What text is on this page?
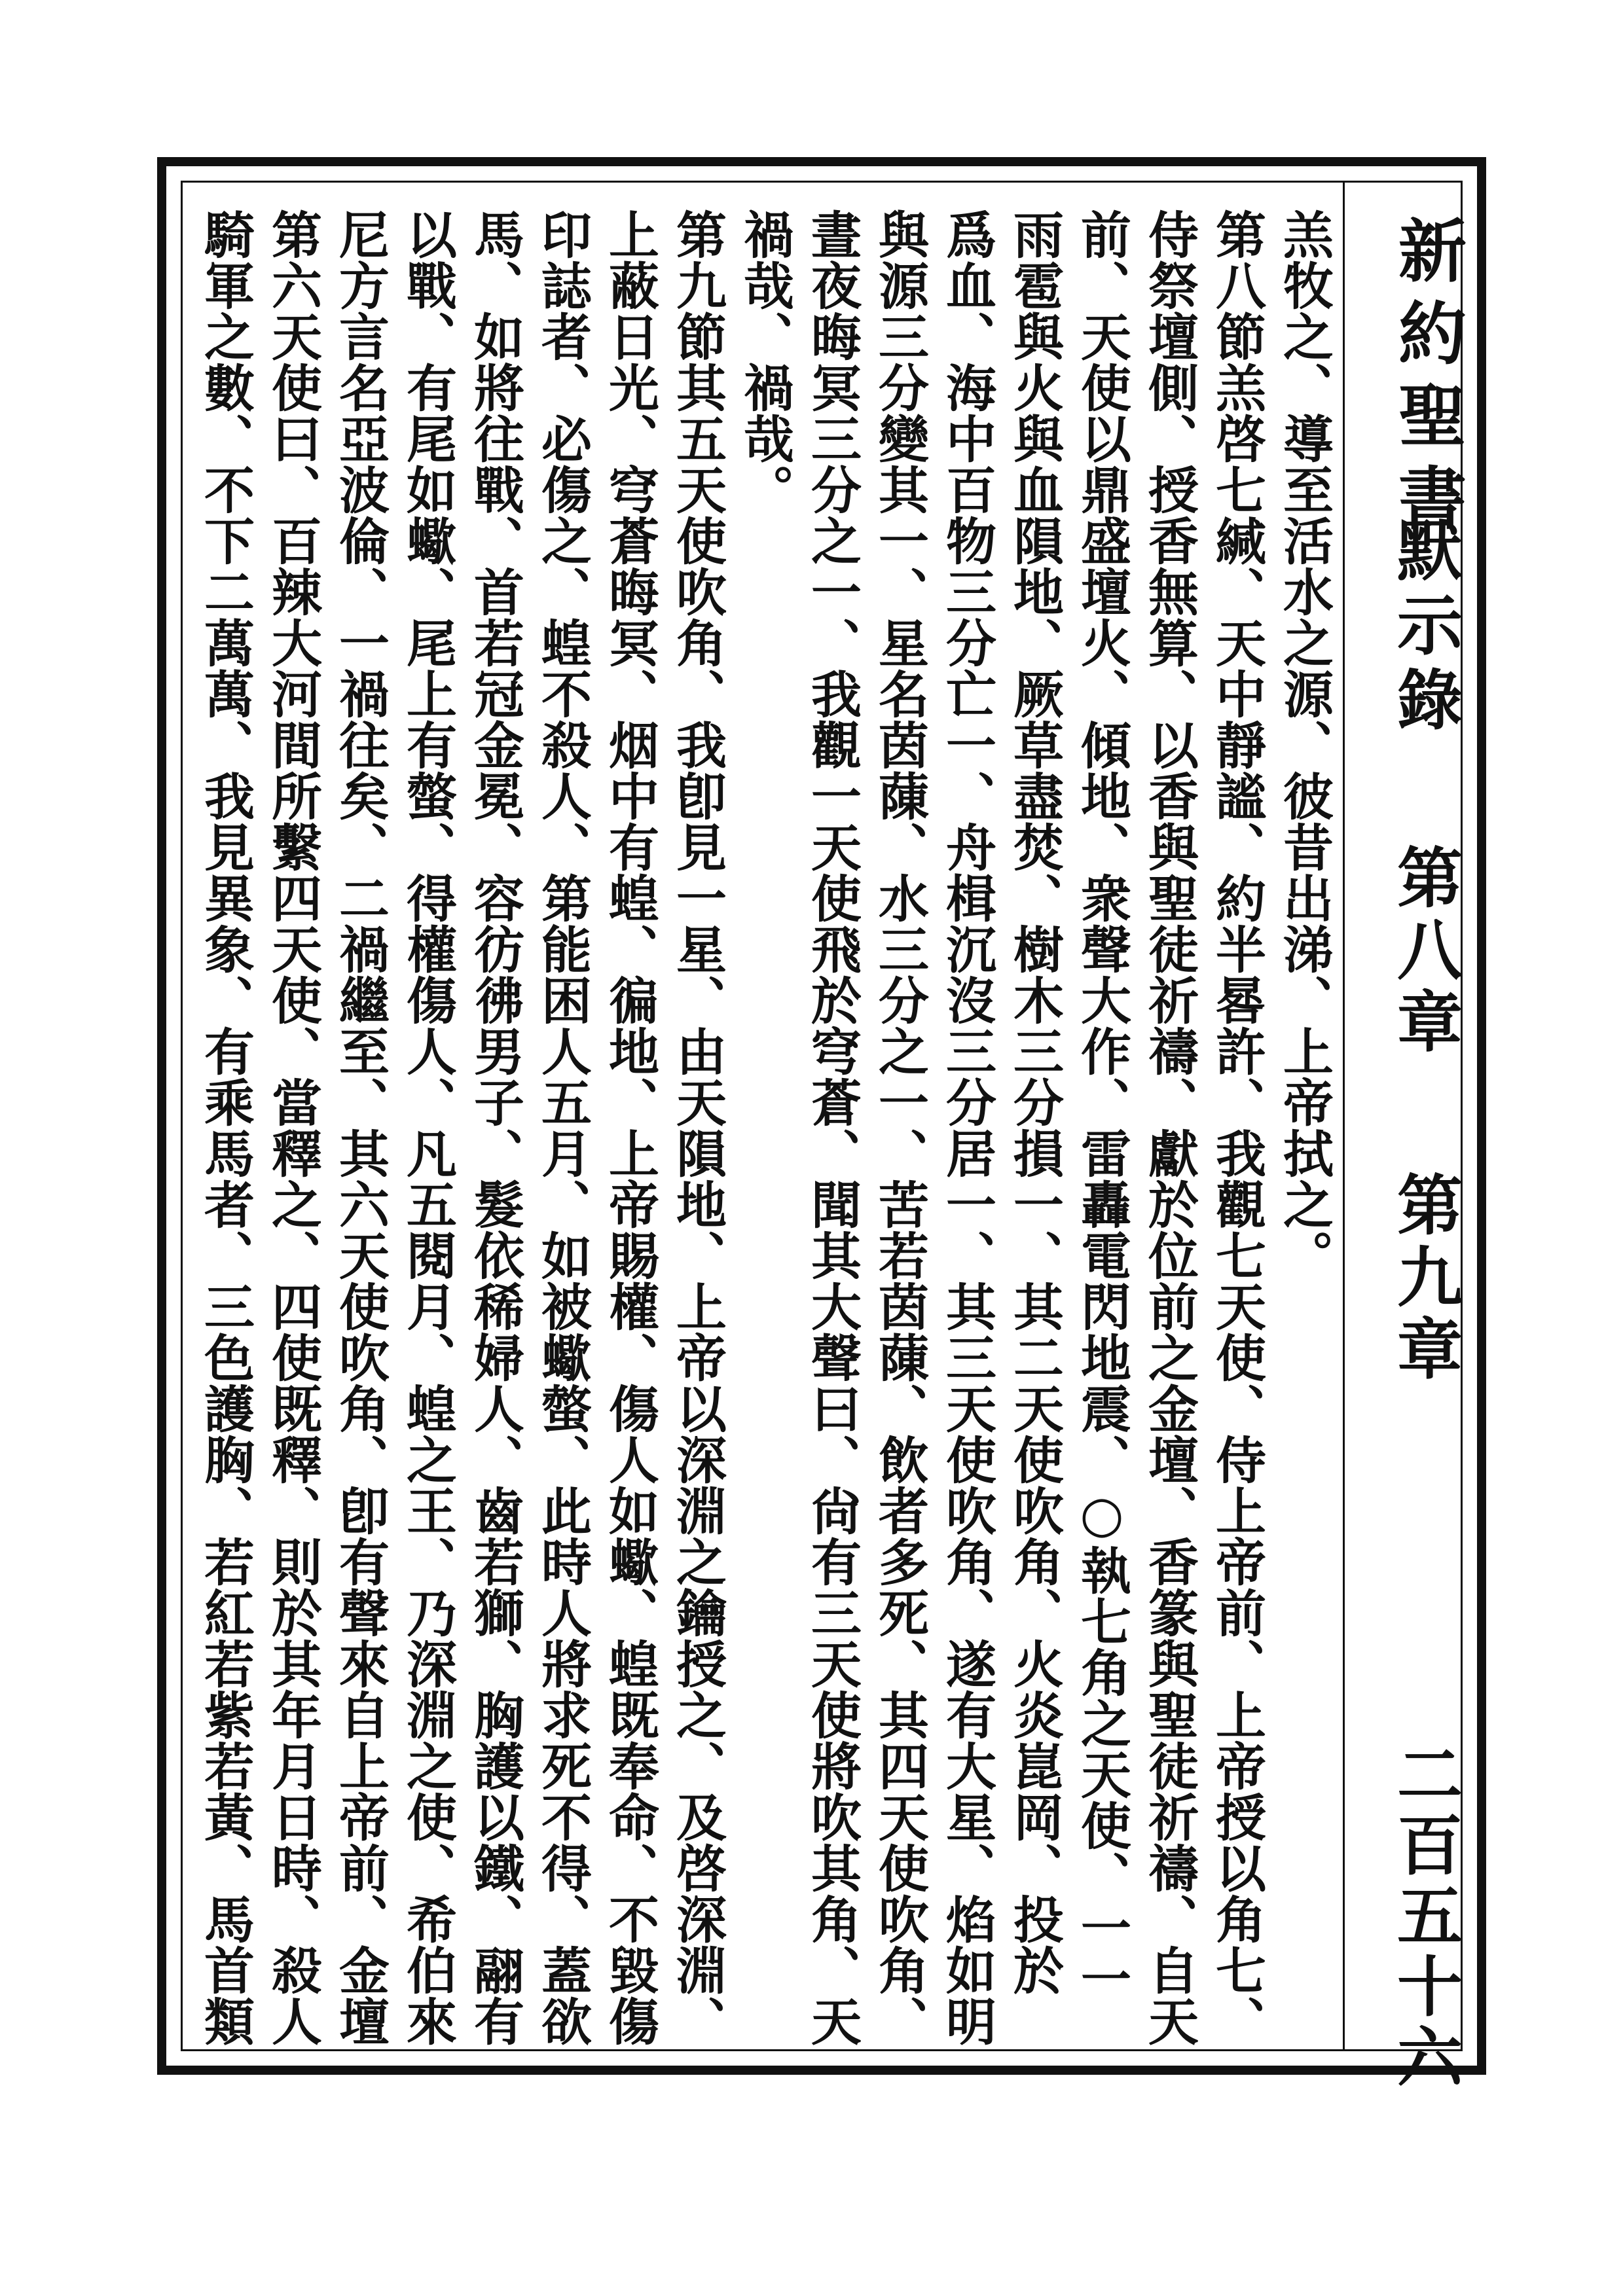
新約聖書
默示錄
第八章
第九章
二百五十六
羔牧之、導至活水之源、彼昔出涕、上帝拭之。
第八節羔啓七緘、天中靜謐、約半晷許、我觀七天使、侍上帝前、上帝授以角七、
侍祭壇側、授香無算、以香與聖徒祈禱、獻於位前之金壇、香篆與聖徒祈禱、自天
前、天使以鼎盛壇火、傾地、衆聲大作、雷轟電閃地震、○執七角之天使、一一
雨雹與火與血隕地、厥草盡焚、樹木三分損一、其二天使吹角、火炎崑岡、投於
爲血、海中百物三分亡一、舟楫沉沒三分居一、其三天使吹角、遂有大星、焰如明
與源三分變其一、星名茵蔯、水三分之一、苦若茵蔯、飲者多死、其四天使吹角、
晝夜晦冥三分之一、我觀一天使飛於穹蒼、聞其大聲曰、尙有三天使將吹其角、天
禍哉、禍哉。
第九節其五天使吹角、我卽見一星、由天隕地、上帝以深淵之鑰授之、及啓深淵、
上蔽日光、穹蒼晦冥、烟中有蝗、徧地、上帝賜權、傷人如蠍、蝗既奉命、不毀傷
印誌者、必傷之、蝗不殺人、第能困人五月、如被蠍螫、此時人將求死不得、蓋欲
馬、如將往戰、首若冠金冕、容彷彿男子、髮依稀婦人、齒若獅、胸護以鐵、翮有
以戰、有尾如蠍、尾上有螫、得權傷人、凡五閱月、蝗之王、乃深淵之使、希伯來
尼方言名亞波倫、一禍往矣、二禍繼至、其六天使吹角、卽有聲來自上帝前、金壇
第六天使曰、百辣大河間所繫四天使、當釋之、四使既釋、則於其年月日時、殺人
騎軍之數、不下二萬萬、我見異象、有乘馬者、三色護胸、若紅若紫若黃、馬首類
